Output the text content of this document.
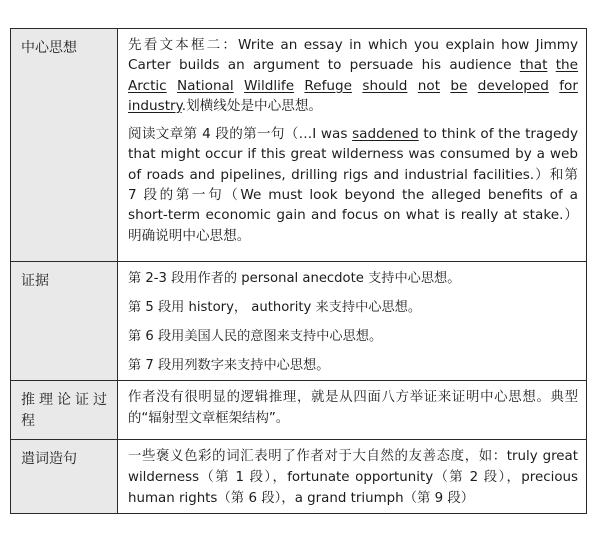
中心思想	先看文本框二：Write an essay in which you explain how Jimmy Carter builds an argument to persuade his audience that the Arctic National Wildlife Refuge should not be developed for industry.划横线处是中心思想。

阅读文章第 4 段的第一句（…I was saddened to think of the tragedy that might occur if this great wilderness was consumed by a web of roads and pipelines, drilling rigs and industrial facilities.）和第 7 段的第一句（We must look beyond the alleged benefits of a short-term economic gain and focus on what is really at stake.）明确说明中心思想。

证据	第 2-3 段用作者的 personal anecdote 支持中心思想。

第 5 段用 history， authority 来支持中心思想。

第 6 段用美国人民的意图来支持中心思想。

第 7 段用列数字来支持中心思想。

推理论证过程	作者没有很明显的逻辑推理，就是从四面八方举证来证明中心思想。典型的“辐射型文章框架结构”。

遣词造句	一些褒义色彩的词汇表明了作者对于大自然的友善态度，如：truly great wilderness（第 1 段），fortunate opportunity（第 2 段），precious human rights（第 6 段），a grand triumph（第 9 段）
